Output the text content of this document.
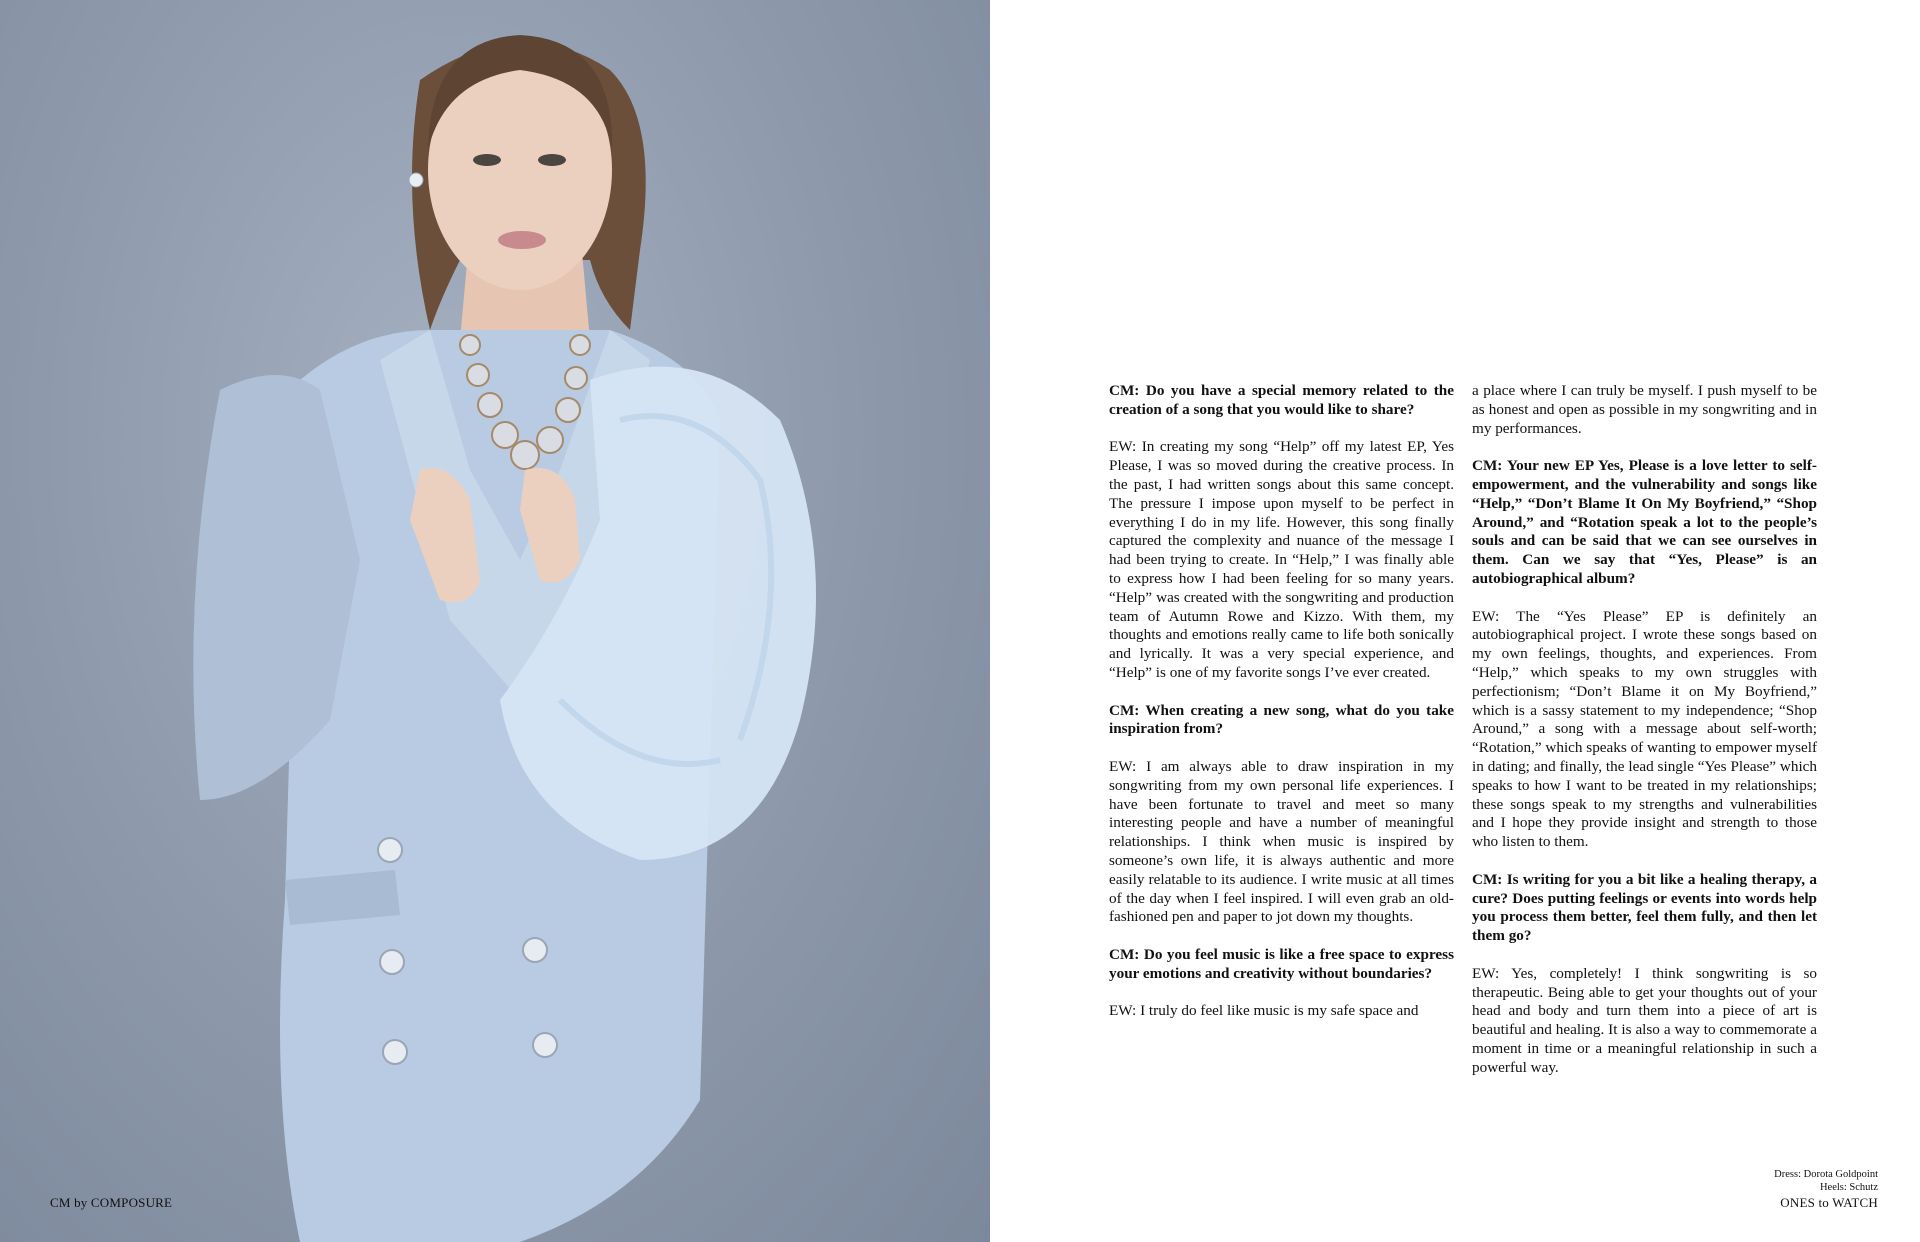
CM by COMPOSURE

CM: Do you have a special memory related to the creation of a song that you would like to share?

EW: In creating my song “Help” off my latest EP, Yes Please, I was so moved during the creative process. In the past, I had written songs about this same concept. The pressure I impose upon myself to be perfect in everything I do in my life. However, this song finally captured the complexity and nuance of the message I had been trying to create. In “Help,” I was finally able to express how I had been feeling for so many years. “Help” was created with the songwriting and production team of Autumn Rowe and Kizzo. With them, my thoughts and emotions really came to life both sonically and lyrically. It was a very special experience, and “Help” is one of my favorite songs I’ve ever created.

CM: When creating a new song, what do you take inspiration from?

EW: I am always able to draw inspiration in my songwriting from my own personal life experiences. I have been fortunate to travel and meet so many interesting people and have a number of meaningful relationships. I think when music is inspired by someone’s own life, it is always authentic and more easily relatable to its audience. I write music at all times of the day when I feel inspired. I will even grab an old-fashioned pen and paper to jot down my thoughts.

CM: Do you feel music is like a free space to express your emotions and creativity without boundaries?

EW: I truly do feel like music is my safe space and

a place where I can truly be myself. I push myself to be as honest and open as possible in my songwriting and in my performances.

CM: Your new EP Yes, Please is a love letter to self-empowerment, and the vulnerability and songs like “Help,” “Don’t Blame It On My Boyfriend,” “Shop Around,” and “Rotation speak a lot to the people’s souls and can be said that we can see ourselves in them. Can we say that “Yes, Please” is an autobiographical album?

EW: The “Yes Please” EP is definitely an autobiographical project. I wrote these songs based on my own feelings, thoughts, and experiences. From “Help,” which speaks to my own struggles with perfectionism; “Don’t Blame it on My Boyfriend,” which is a sassy statement to my independence; “Shop Around,” a song with a message about self-worth; “Rotation,” which speaks of wanting to empower myself in dating; and finally, the lead single “Yes Please” which speaks to how I want to be treated in my relationships; these songs speak to my strengths and vulnerabilities and I hope they provide insight and strength to those who listen to them.

CM: Is writing for you a bit like a healing therapy, a cure? Does putting feelings or events into words help you process them better, feel them fully, and then let them go?

EW: Yes, completely! I think songwriting is so therapeutic. Being able to get your thoughts out of your head and body and turn them into a piece of art is beautiful and healing. It is also a way to commemorate a moment in time or a meaningful relationship in such a powerful way.

Dress: Dorota Goldpoint
Heels: Schutz
ONES to WATCH
